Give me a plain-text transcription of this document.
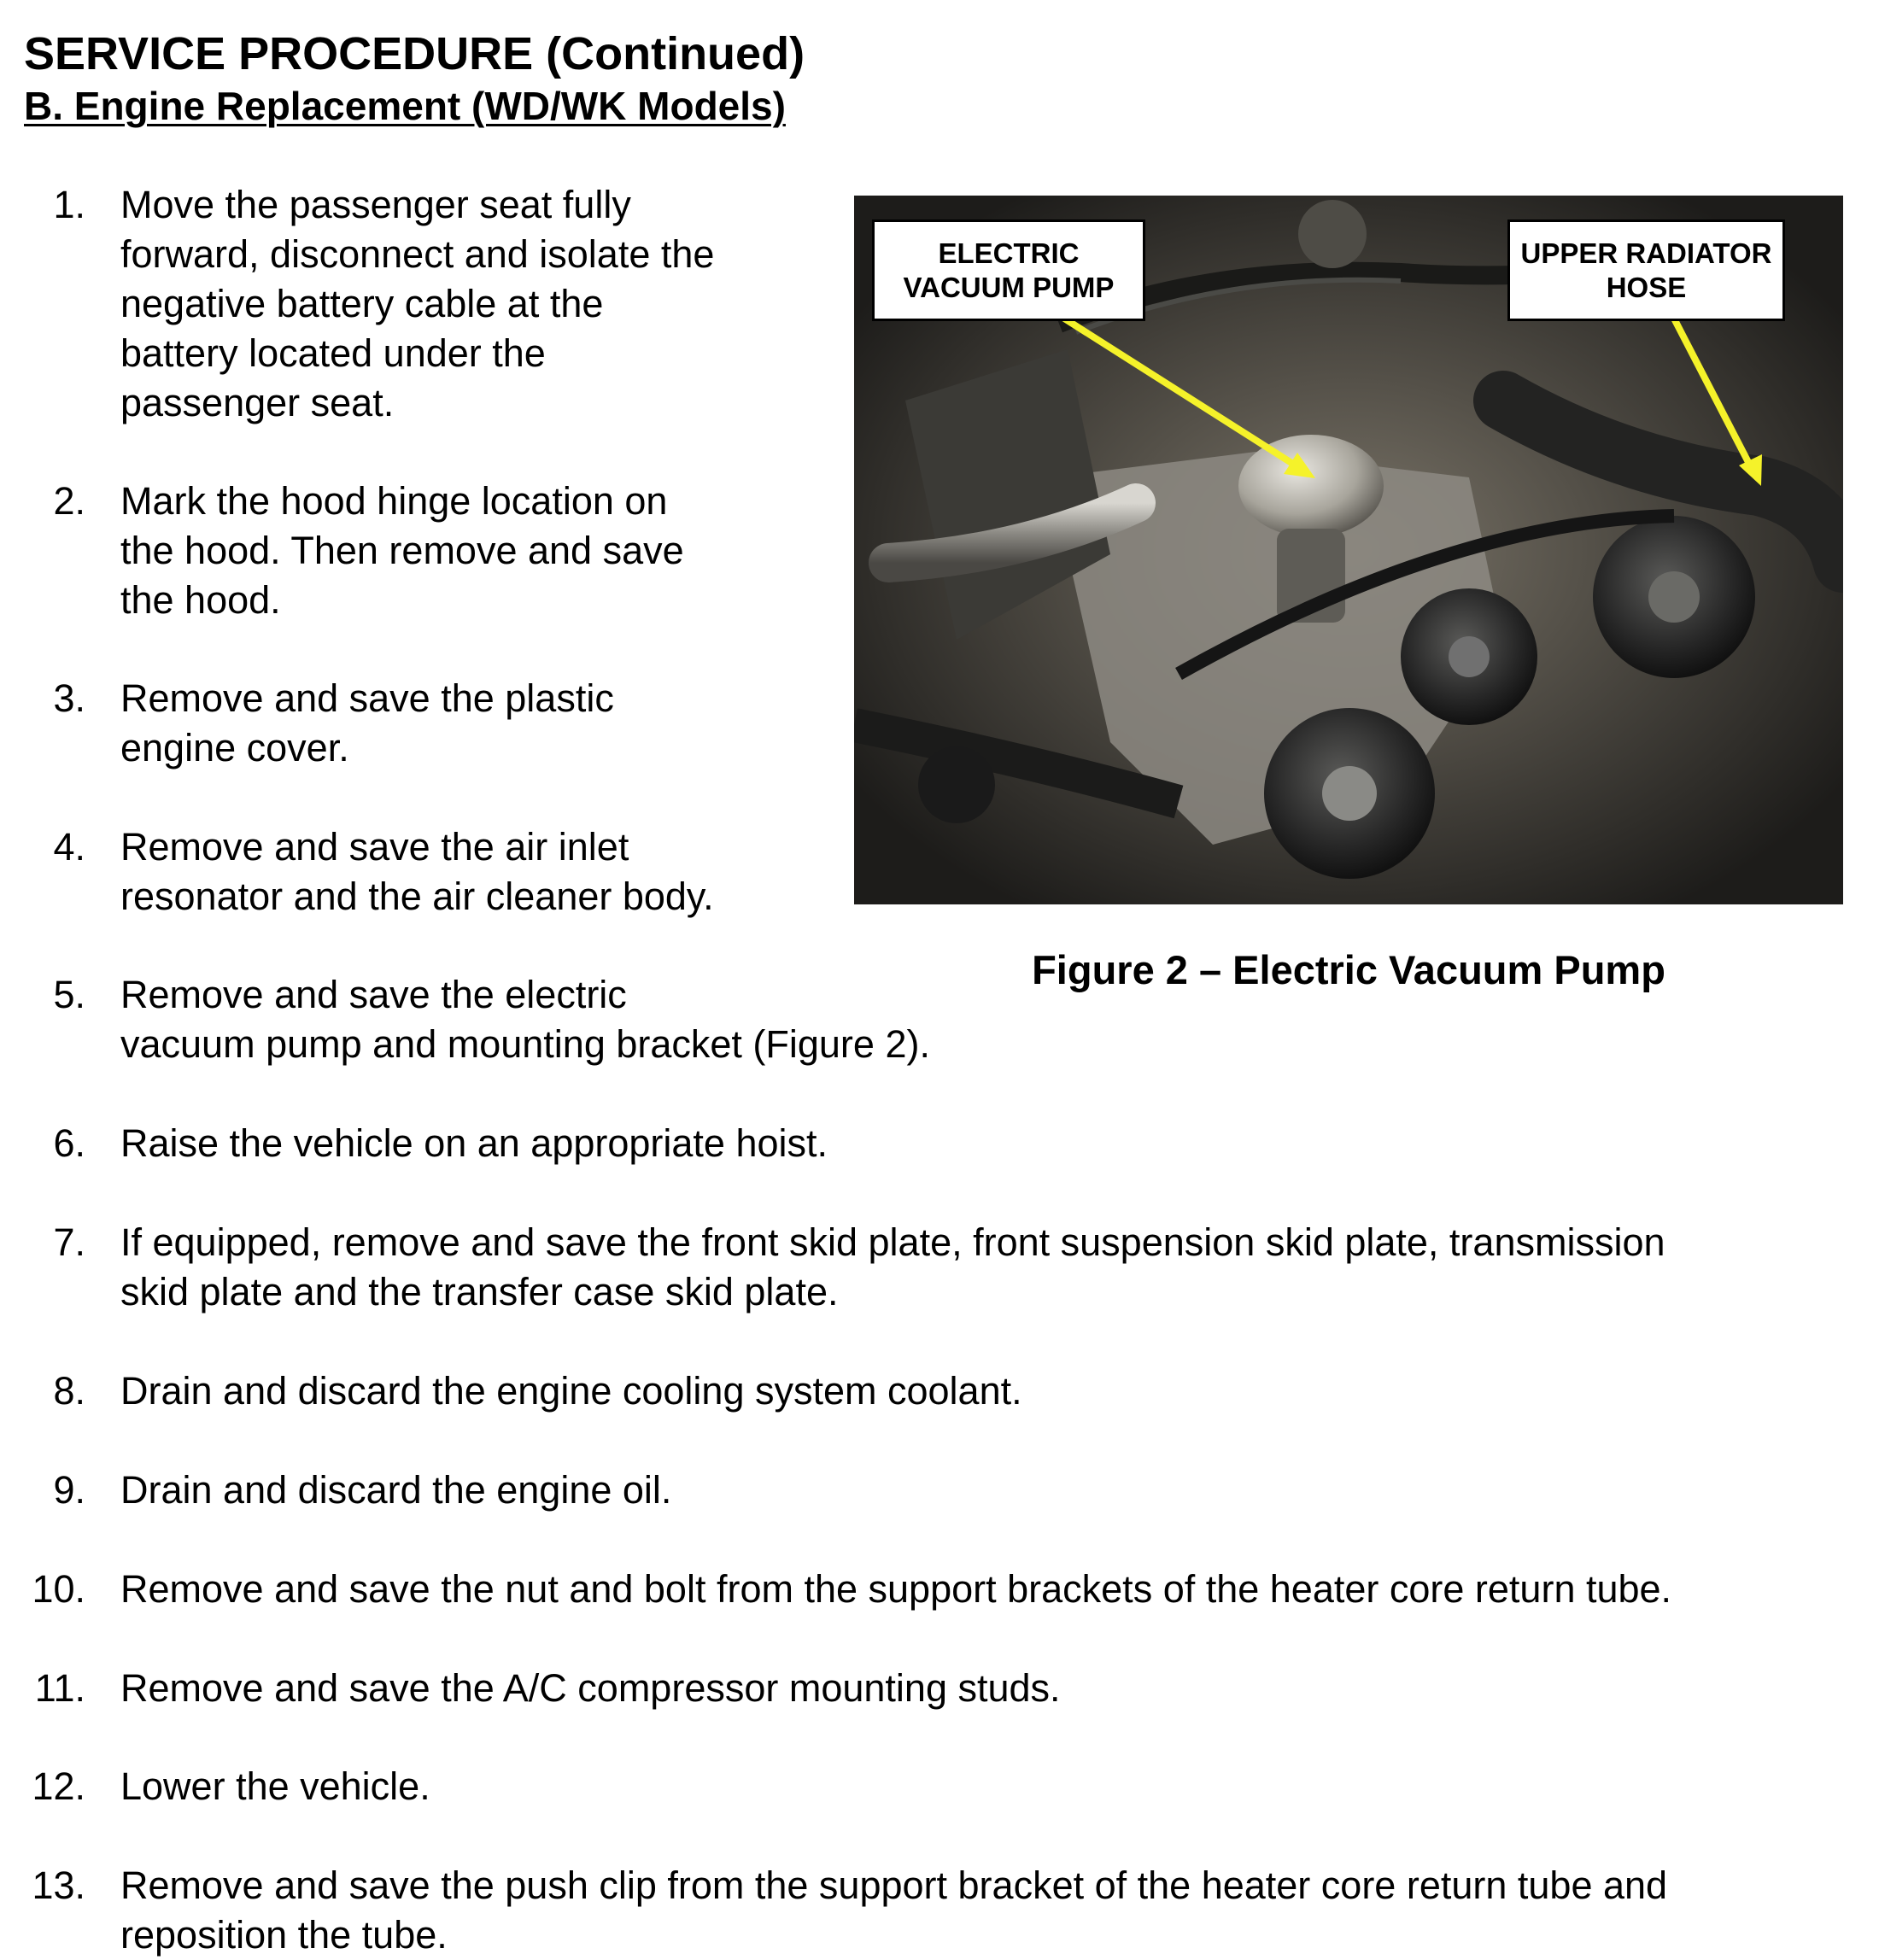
SERVICE PROCEDURE (Continued)
B. Engine Replacement (WD/WK Models)
1. Move the passenger seat fully
forward, disconnect and isolate the
negative battery cable at the
battery located under the
passenger seat.
2. Mark the hood hinge location on
the hood. Then remove and save
the hood.
3. Remove and save the plastic
engine cover.
4. Remove and save the air inlet
resonator and the air cleaner body.
5. Remove and save the electric
vacuum pump and mounting bracket (Figure 2).
6. Raise the vehicle on an appropriate hoist.
7. If equipped, remove and save the front skid plate, front suspension skid plate, transmission
skid plate and the transfer case skid plate.
8. Drain and discard the engine cooling system coolant.
9. Drain and discard the engine oil.
10. Remove and save the nut and bolt from the support brackets of the heater core return tube.
11. Remove and save the A/C compressor mounting studs.
12. Lower the vehicle.
13. Remove and save the push clip from the support bracket of the heater core return tube and
reposition the tube.
ELECTRIC
VACUUM PUMP
UPPER RADIATOR
HOSE
Figure 2 – Electric Vacuum Pump
